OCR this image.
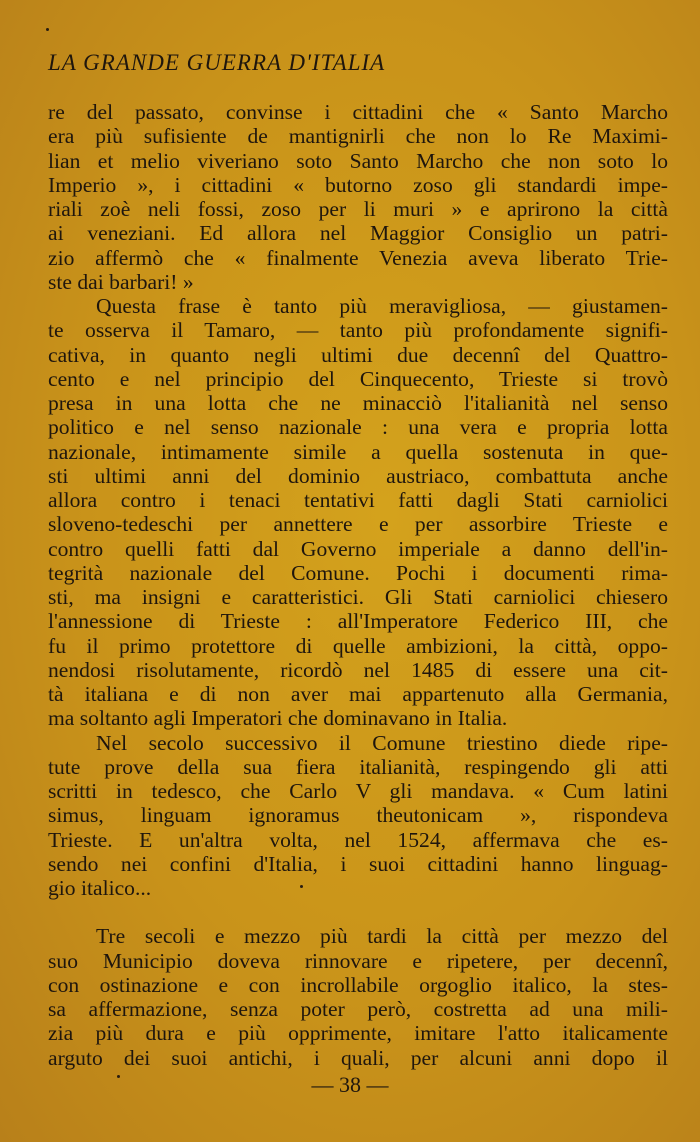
LA GRANDE GUERRA D'ITALIA
re del passato, convinse i cittadini che « Santo Marcho
era più sufisiente de mantignirli che non lo Re Maximi-
lian et melio viveriano soto Santo Marcho che non soto lo
Imperio », i cittadini « butorno zoso gli standardi impe-
riali zoè neli fossi, zoso per li muri » e aprirono la città
ai veneziani. Ed allora nel Maggior Consiglio un patri-
zio affermò che « finalmente Venezia aveva liberato Trie-
ste dai barbari! »
Questa frase è tanto più meravigliosa, — giustamen-
te osserva il Tamaro, — tanto più profondamente signifi-
cativa, in quanto negli ultimi due decennî del Quattro-
cento e nel principio del Cinquecento, Trieste si trovò
presa in una lotta che ne minacciò l'italianità nel senso
politico e nel senso nazionale : una vera e propria lotta
nazionale, intimamente simile a quella sostenuta in que-
sti ultimi anni del dominio austriaco, combattuta anche
allora contro i tenaci tentativi fatti dagli Stati carniolici
sloveno-tedeschi per annettere e per assorbire Trieste e
contro quelli fatti dal Governo imperiale a danno dell'in-
tegrità nazionale del Comune. Pochi i documenti rima-
sti, ma insigni e caratteristici. Gli Stati carniolici chiesero
l'annessione di Trieste : all'Imperatore Federico III, che
fu il primo protettore di quelle ambizioni, la città, oppo-
nendosi risolutamente, ricordò nel 1485 di essere una cit-
tà italiana e di non aver mai appartenuto alla Germania,
ma soltanto agli Imperatori che dominavano in Italia.
Nel secolo successivo il Comune triestino diede ripe-
tute prove della sua fiera italianità, respingendo gli atti
scritti in tedesco, che Carlo V gli mandava. « Cum latini
simus, linguam ignoramus theutonicam », rispondeva
Trieste. E un'altra volta, nel 1524, affermava che es-
sendo nei confini d'Italia, i suoi cittadini hanno linguag-
gio italico...
Tre secoli e mezzo più tardi la città per mezzo del
suo Municipio doveva rinnovare e ripetere, per decennî,
con ostinazione e con incrollabile orgoglio italico, la stes-
sa affermazione, senza poter però, costretta ad una mili-
zia più dura e più opprimente, imitare l'atto italicamente
arguto dei suoi antichi, i quali, per alcuni anni dopo il
— 38 —
